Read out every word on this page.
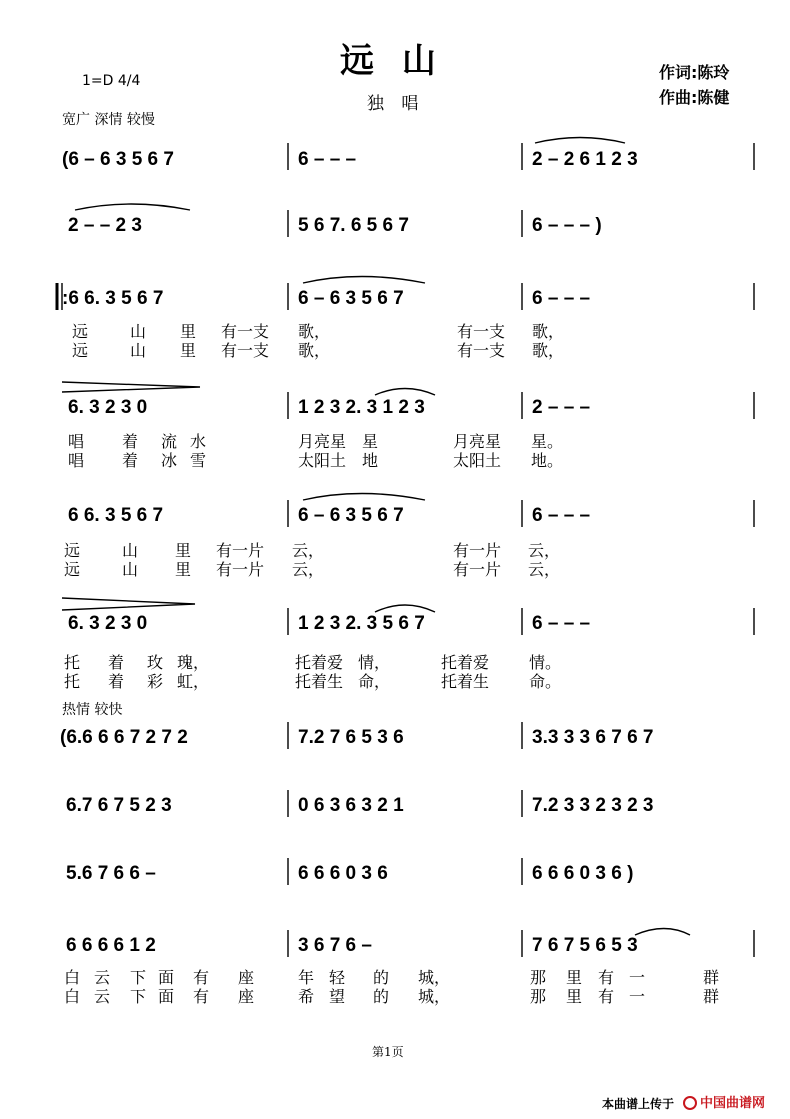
远 山
独 唱
1=D 4/4	作词:陈玲
作曲:陈健
宽广 深情 较慢
热情 较快
(6 – 6 3 5 6 7	6 – – –	2 – 2 6 1 2 3
2 – – 2 3	5 6 7. 6 5 6 7	6 – – – )
:6 6. 3 5 6 7	6 – 6 3 5 6 7	6 – – –
6. 3 2 3 0	1 2 3 2. 3 1 2 3	2 – – –
6 6. 3 5 6 7	6 – 6 3 5 6 7	6 – – –
6. 3 2 3 0	1 2 3 2. 3 5 6 7	6 – – –
(6.6 6 6 7 2 7 2	7.2 7 6 5 3 6	3.3 3 3 6 7 6 7
6.7 6 7 5 2 3	0 6 3 6 3 2 1	7.2 3 3 2 3 2 3
5.6 7 6 6 –	6 6 6 0 3 6	6 6 6 0 3 6 )
6 6 6 6 1 2	3 6 7 6 –	7 6 7 5 6 5 3
远	山 里 有一支 歌，	有一支 歌，
远	山 里 有一支 歌，	有一支 歌，
唱 着 流 水	月亮星 星	月亮星 星。
唱 着 冰 雪	太阳土 地	太阳土 地。
远	山 里 有一片 云，	有一片 云，
远	山 里 有一片 云，	有一片 云，
托 着 玫 瑰，	托着爱 情，	托着爱 情。
托 着 彩 虹，	托着生 命，	托着生 命。
白 云 下 面 有 座	年 轻 的 城，	那 里 有 一	群
白 云 下 面 有 座	希 望 的 城，	那 里 有 一	群
第1页
本曲谱上传于 中国曲谱网
